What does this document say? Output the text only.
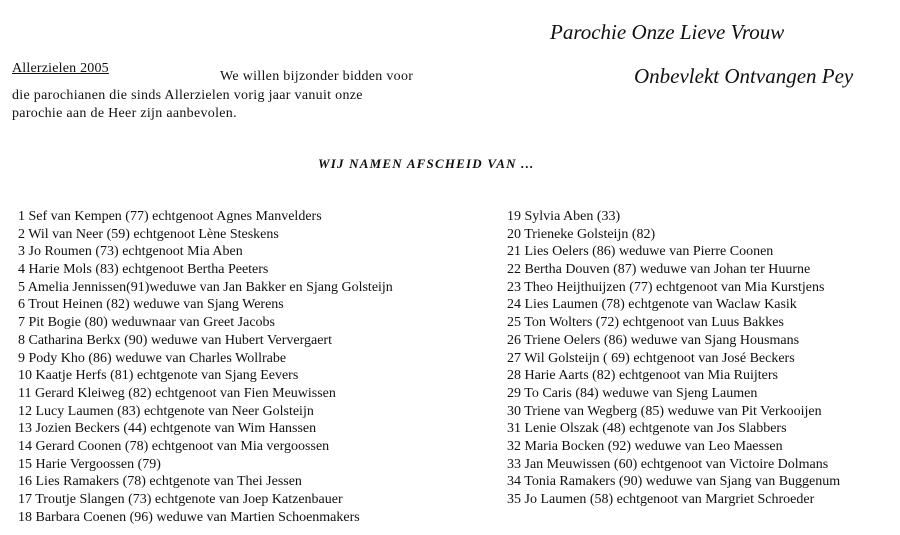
Parochie Onze Lieve Vrouw
Onbevlekt Ontvangen Pey
Allerzielen 2005
We willen bijzonder bidden voor
die parochianen die sinds Allerzielen vorig jaar vanuit onze
parochie aan de Heer zijn aanbevolen.
WIJ NAMEN AFSCHEID VAN ...
1 Sef van Kempen (77) echtgenoot Agnes Manvelders
2 Wil van Neer (59) echtgenoot Lène Steskens
3 Jo Roumen (73) echtgenoot Mia Aben
4 Harie Mols (83) echtgenoot Bertha Peeters
5 Amelia Jennissen(91)weduwe van Jan Bakker en Sjang Golsteijn
6 Trout Heinen (82) weduwe van Sjang Werens
7 Pit Bogie (80) weduwnaar van Greet Jacobs
8 Catharina Berkx (90) weduwe van Hubert Ververgaert
9 Pody Kho (86) weduwe van Charles Wollrabe
10 Kaatje Herfs (81) echtgenote van Sjang Eevers
11 Gerard Kleiweg (82) echtgenoot van Fien Meuwissen
12 Lucy Laumen (83) echtgenote van Neer Golsteijn
13 Jozien Beckers (44) echtgenote van Wim Hanssen
14 Gerard Coonen (78) echtgenoot van Mia vergoossen
15 Harie Vergoossen (79)
16 Lies Ramakers (78) echtgenote van Thei Jessen
17 Troutje Slangen (73) echtgenote van Joep Katzenbauer
18 Barbara Coenen (96) weduwe van Martien Schoenmakers
19 Sylvia Aben (33)
20 Trieneke Golsteijn (82)
21 Lies Oelers (86) weduwe van Pierre Coonen
22 Bertha Douven (87) weduwe van Johan ter Huurne
23 Theo Heijthuijzen (77) echtgenoot van Mia Kurstjens
24 Lies Laumen (78) echtgenote van Waclaw Kasik
25 Ton Wolters (72) echtgenoot van Luus Bakkes
26 Triene Oelers (86) weduwe van Sjang Housmans
27 Wil Golsteijn ( 69) echtgenoot van José Beckers
28 Harie Aarts (82) echtgenoot van Mia Ruijters
29 To Caris (84) weduwe van Sjeng Laumen
30 Triene van Wegberg (85) weduwe van Pit Verkooijen
31 Lenie Olszak (48) echtgenote van Jos Slabbers
32 Maria Bocken (92) weduwe van Leo Maessen
33 Jan Meuwissen (60) echtgenoot van Victoire Dolmans
34 Tonia Ramakers (90) weduwe van Sjang van Buggenum
35 Jo Laumen (58) echtgenoot van Margriet Schroeder
